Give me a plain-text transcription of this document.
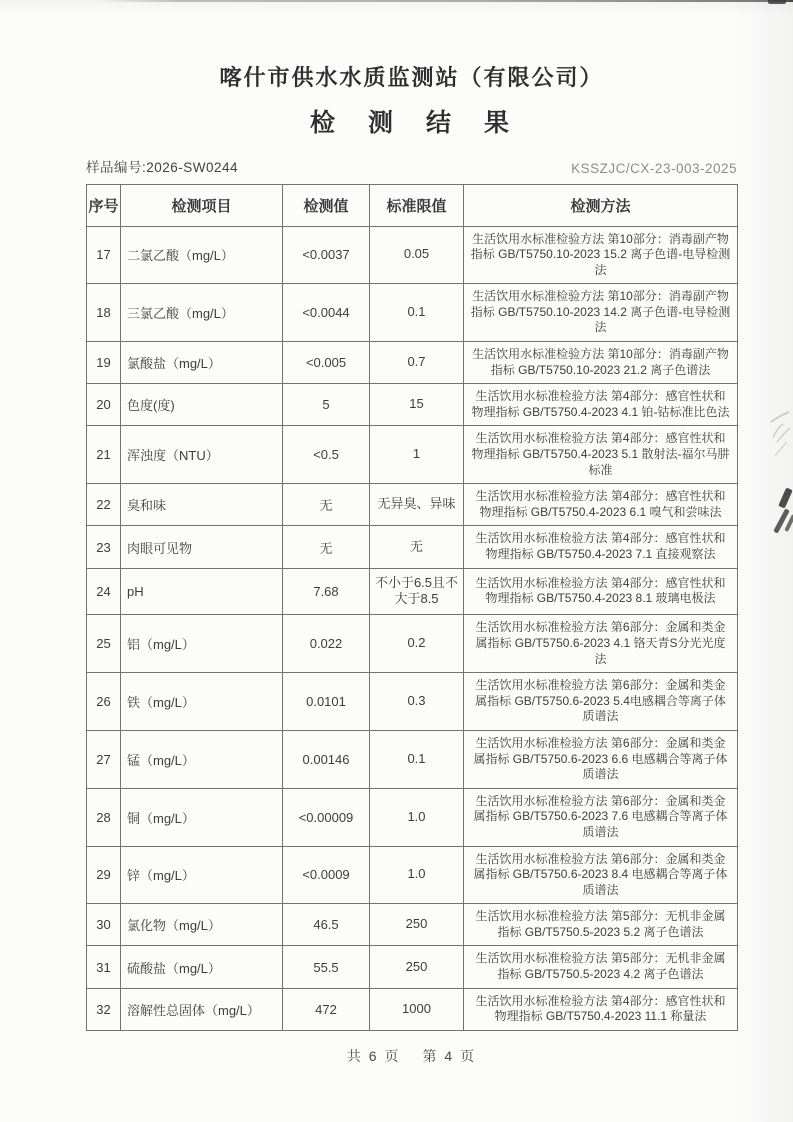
喀什市供水水质监测站（有限公司）
检　测　结　果
样品编号:2026-SW0244	KSSZJC/CX-23-003-2025
序号	检测项目	检测值	标准限值	检测方法
17	二氯乙酸（mg/L）	<0.0037	0.05	生活饮用水标准检验方法 第10部分：消毒副产物指标 GB/T5750.10-2023 15.2 离子色谱-电导检测法
18	三氯乙酸（mg/L）	<0.0044	0.1	生活饮用水标准检验方法 第10部分：消毒副产物指标 GB/T5750.10-2023 14.2 离子色谱-电导检测法
19	氯酸盐（mg/L）	<0.005	0.7	生活饮用水标准检验方法 第10部分：消毒副产物指标 GB/T5750.10-2023 21.2 离子色谱法
20	色度(度)	5	15	生活饮用水标准检验方法 第4部分：感官性状和物理指标 GB/T5750.4-2023 4.1 铂-钴标准比色法
21	浑浊度（NTU）	<0.5	1	生活饮用水标准检验方法 第4部分：感官性状和物理指标 GB/T5750.4-2023 5.1 散射法-福尔马肼标准
22	臭和味	无	无异臭、异味	生活饮用水标准检验方法 第4部分：感官性状和物理指标 GB/T5750.4-2023 6.1 嗅气和尝味法
23	肉眼可见物	无	无	生活饮用水标准检验方法 第4部分：感官性状和物理指标 GB/T5750.4-2023 7.1 直接观察法
24	pH	7.68	不小于6.5且不大于8.5	生活饮用水标准检验方法 第4部分：感官性状和物理指标 GB/T5750.4-2023 8.1 玻璃电极法
25	铝（mg/L）	0.022	0.2	生活饮用水标准检验方法 第6部分：金属和类金属指标 GB/T5750.6-2023 4.1 铬天青S分光光度法
26	铁（mg/L）	0.0101	0.3	生活饮用水标准检验方法 第6部分：金属和类金属指标 GB/T5750.6-2023 5.4电感耦合等离子体质谱法
27	锰（mg/L）	0.00146	0.1	生活饮用水标准检验方法 第6部分：金属和类金属指标 GB/T5750.6-2023 6.6 电感耦合等离子体质谱法
28	铜（mg/L）	<0.00009	1.0	生活饮用水标准检验方法 第6部分：金属和类金属指标 GB/T5750.6-2023 7.6 电感耦合等离子体质谱法
29	锌（mg/L）	<0.0009	1.0	生活饮用水标准检验方法 第6部分：金属和类金属指标 GB/T5750.6-2023 8.4 电感耦合等离子体质谱法
30	氯化物（mg/L）	46.5	250	生活饮用水标准检验方法 第5部分：无机非金属指标 GB/T5750.5-2023 5.2 离子色谱法
31	硫酸盐（mg/L）	55.5	250	生活饮用水标准检验方法 第5部分：无机非金属指标 GB/T5750.5-2023 4.2 离子色谱法
32	溶解性总固体（mg/L）	472	1000	生活饮用水标准检验方法 第4部分：感官性状和物理指标 GB/T5750.4-2023 11.1 称量法
共 6 页 第 4 页
